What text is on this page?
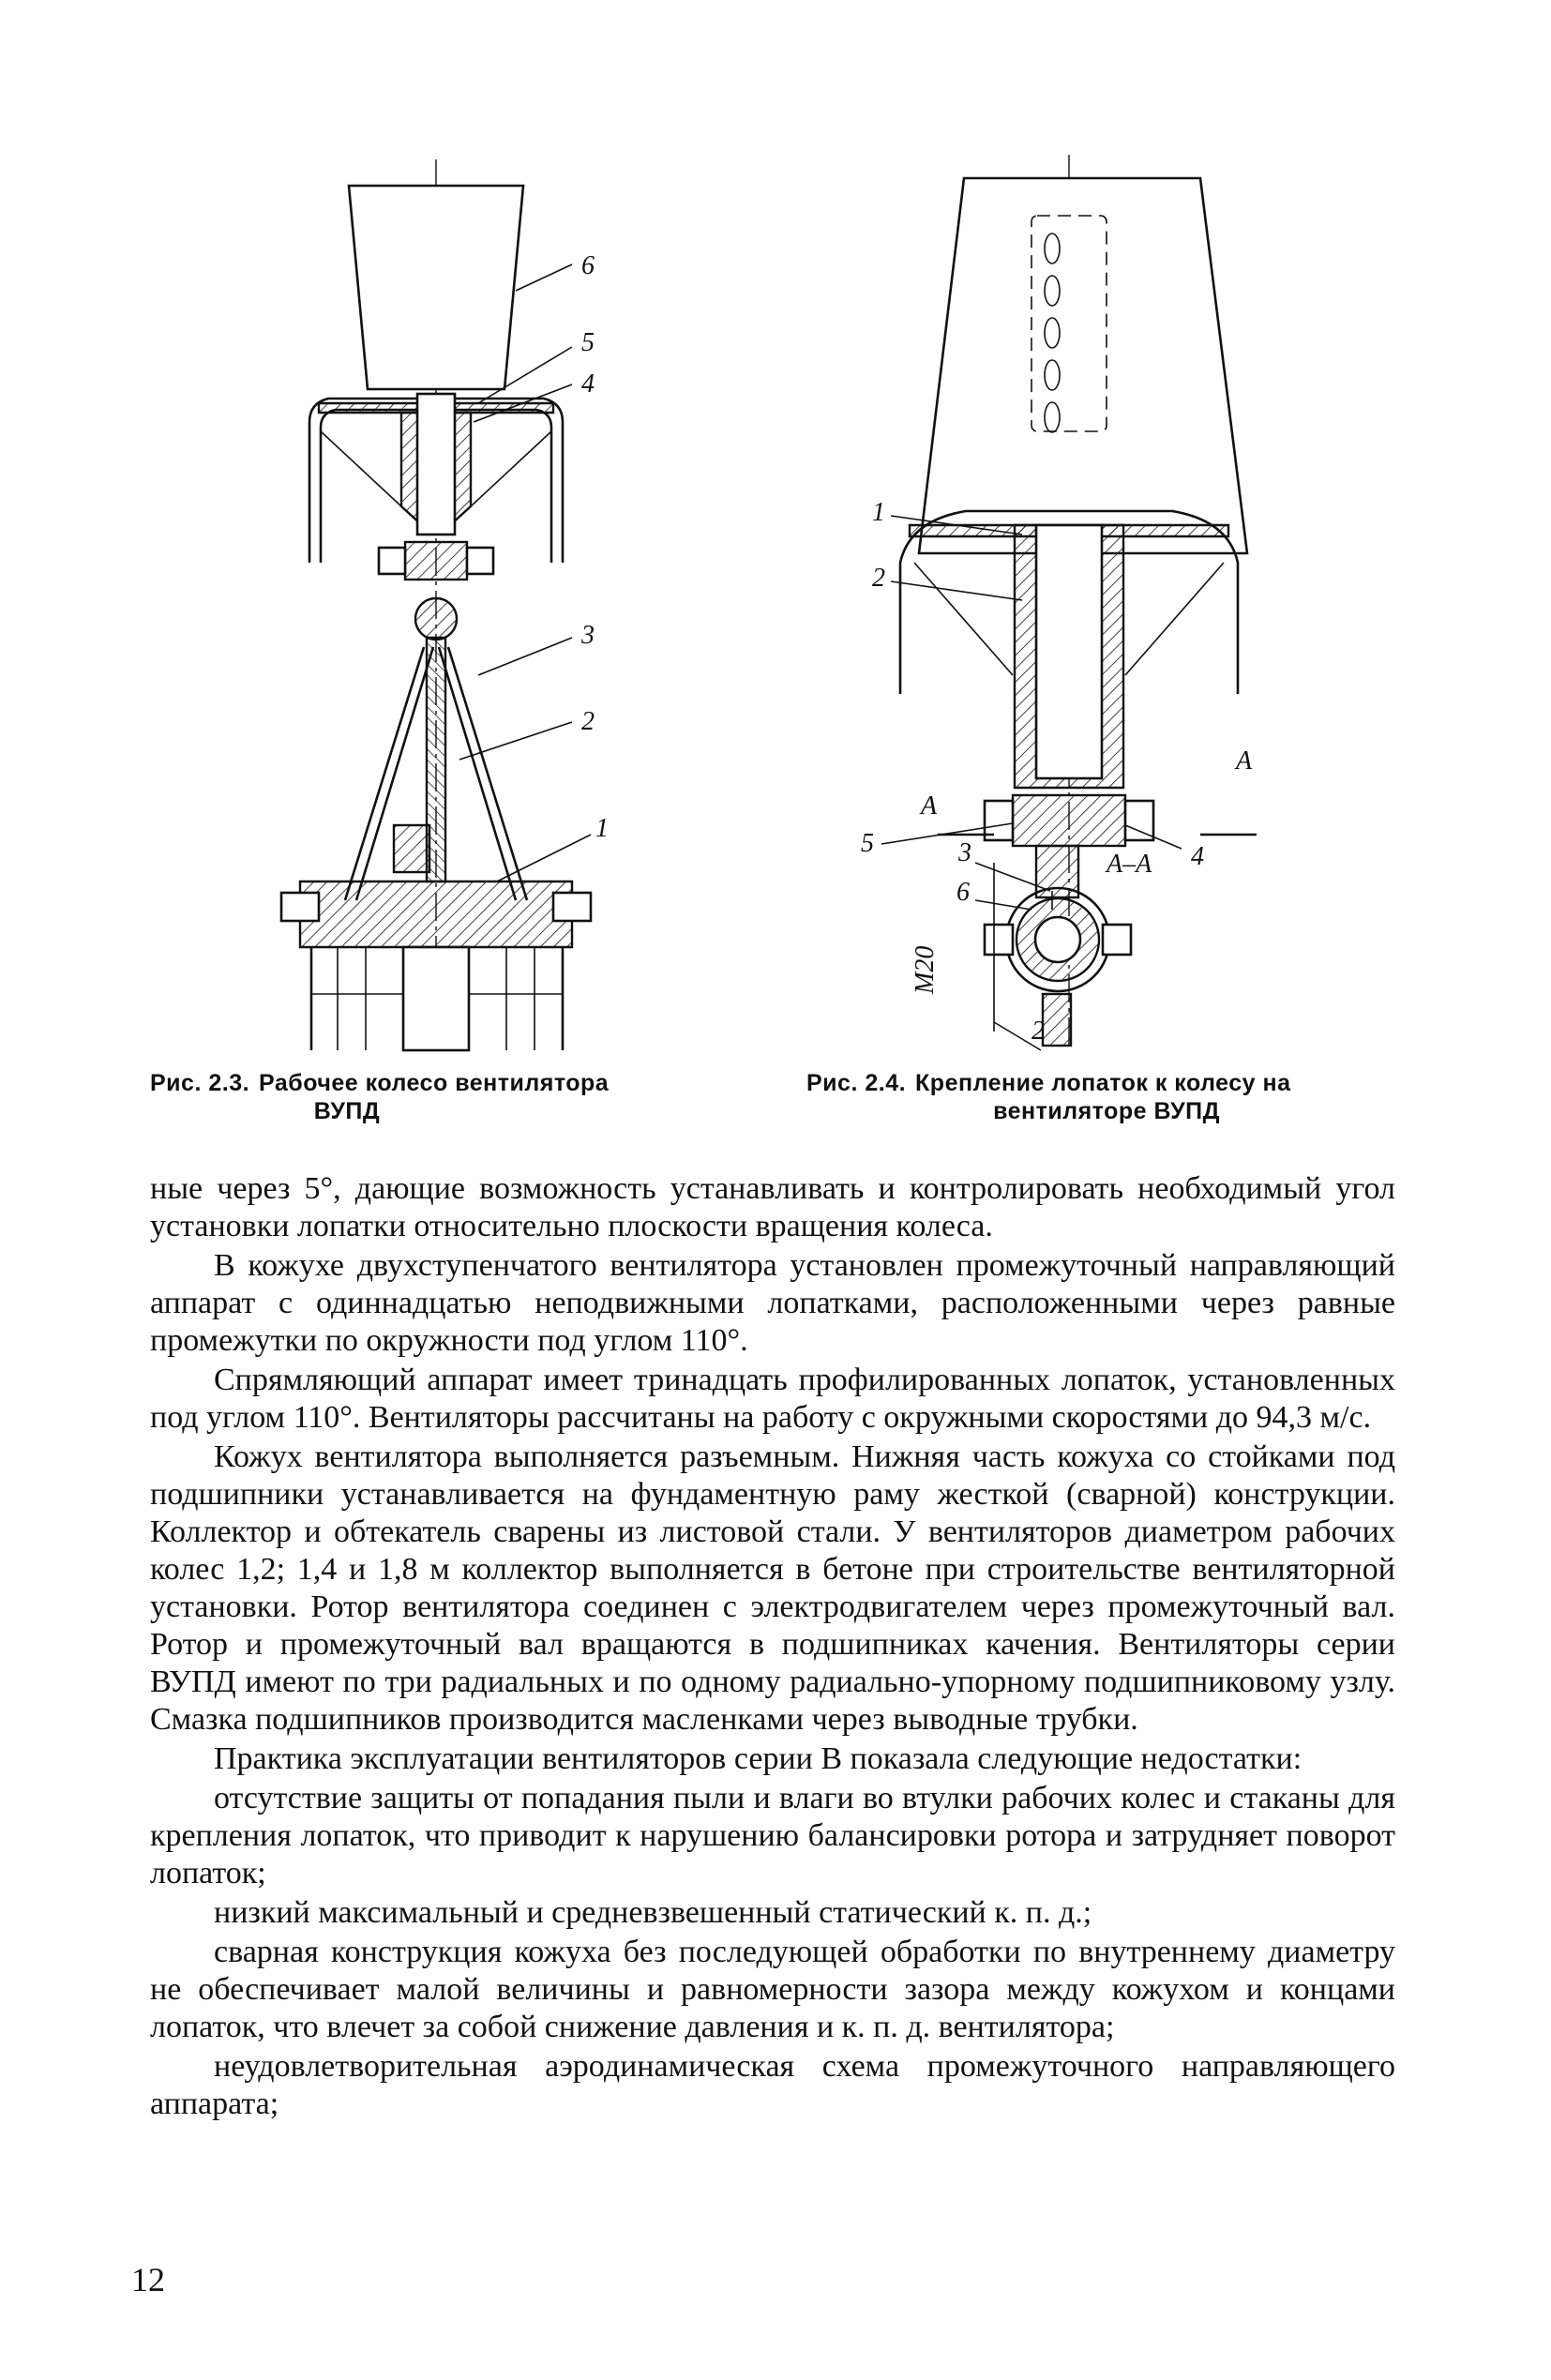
6
5
4
3
2
1
1
2
A
A
4
5	3	A–A
6
M20
2
Рис. 2.3. Рабочее колесо вентилятора
ВУПД
Рис. 2.4. Крепление лопаток к колесу на
вентиляторе ВУПД

ные через 5°, дающие возможность устанавливать и контролировать необходимый угол установки лопатки относительно плоскости вращения колеса.

В кожухе двухступенчатого вентилятора установлен промежуточный направляющий аппарат с одиннадцатью неподвижными лопатками, расположенными через равные промежутки по окружности под углом 110°.

Спрямляющий аппарат имеет тринадцать профилированных лопаток, установленных под углом 110°. Вентиляторы рассчитаны на работу с окружными скоростями до 94,3 м/с.

Кожух вентилятора выполняется разъемным. Нижняя часть кожуха со стойками под подшипники устанавливается на фундаментную раму жесткой (сварной) конструкции. Коллектор и обтекатель сварены из листовой стали. У вентиляторов диаметром рабочих колес 1,2; 1,4 и 1,8 м коллектор выполняется в бетоне при строительстве вентиляторной установки. Ротор вентилятора соединен с электродвигателем через промежуточный вал. Ротор и промежуточный вал вращаются в подшипниках качения. Вентиляторы серии ВУПД имеют по три радиальных и по одному радиально-упорному подшипниковому узлу. Смазка подшипников производится масленками через выводные трубки.

Практика эксплуатации вентиляторов серии В показала следующие недостатки:

отсутствие защиты от попадания пыли и влаги во втулки рабочих колес и стаканы для крепления лопаток, что приводит к нарушению балансировки ротора и затрудняет поворот лопаток;

низкий максимальный и средневзвешенный статический к. п. д.;

сварная конструкция кожуха без последующей обработки по внутреннему диаметру не обеспечивает малой величины и равномерности зазора между кожухом и концами лопаток, что влечет за собой снижение давления и к. п. д. вентилятора;

неудовлетворительная аэродинамическая схема промежуточного направляющего аппарата;

12
